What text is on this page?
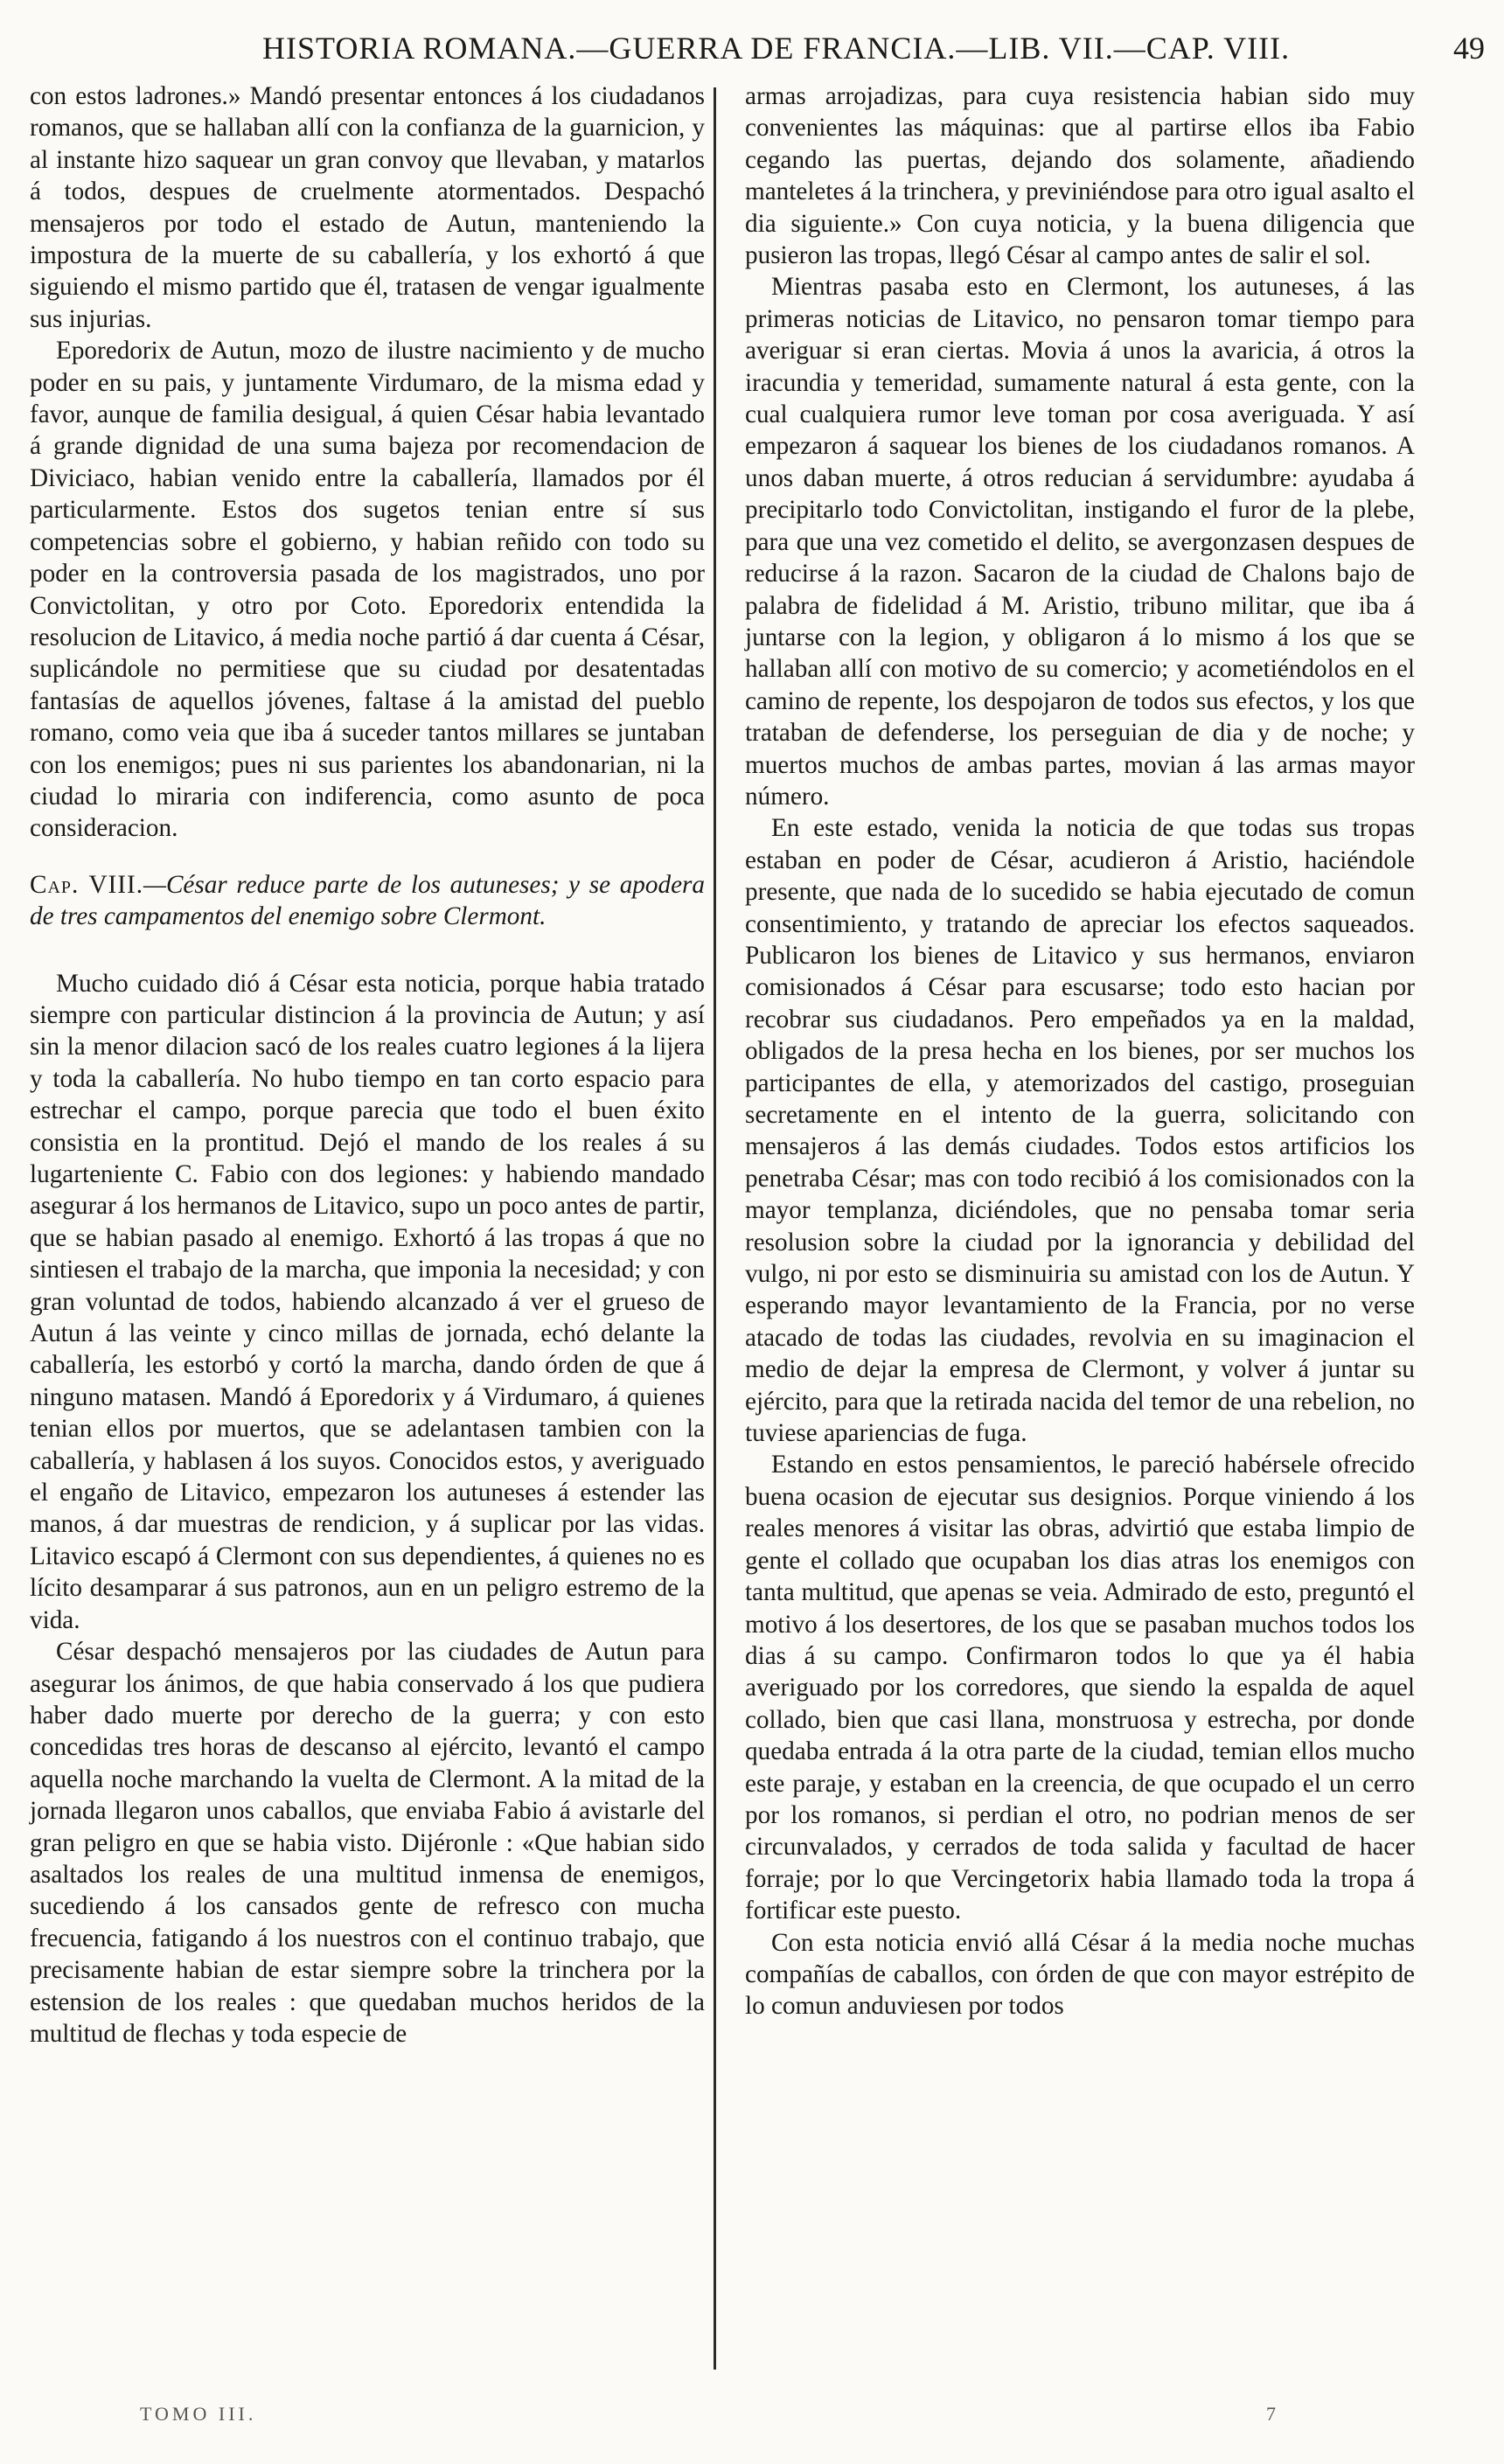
HISTORIA ROMANA.—GUERRA DE FRANCIA.—LIB. VII.—CAP. VIII.	49

con estos ladrones.» Mandó presentar entonces á los ciudadanos romanos, que se hallaban allí con la confianza de la guarnicion, y al instante hizo saquear un gran convoy que llevaban, y matarlos á todos, despues de cruelmente atormentados. Despachó mensajeros por todo el estado de Autun, manteniendo la impostura de la muerte de su caballería, y los exhortó á que siguiendo el mismo partido que él, tratasen de vengar igualmente sus injurias.

Eporedorix de Autun, mozo de ilustre nacimiento y de mucho poder en su pais, y juntamente Virdumaro, de la misma edad y favor, aunque de familia desigual, á quien César habia levantado á grande dignidad de una suma bajeza por recomendacion de Diviciaco, habian venido entre la caballería, llamados por él particularmente. Estos dos sugetos tenian entre sí sus competencias sobre el gobierno, y habian reñido con todo su poder en la controversia pasada de los magistrados, uno por Convictolitan, y otro por Coto. Eporedorix entendida la resolucion de Litavico, á media noche partió á dar cuenta á César, suplicándole no permitiese que su ciudad por desatentadas fantasías de aquellos jóvenes, faltase á la amistad del pueblo romano, como veia que iba á suceder tantos millares se juntaban con los enemigos; pues ni sus parientes los abandonarian, ni la ciudad lo miraria con indiferencia, como asunto de poca consideracion.

Cap. VIII.—César reduce parte de los autuneses; y se apodera de tres campamentos del enemigo sobre Clermont.

Mucho cuidado dió á César esta noticia, porque habia tratado siempre con particular distincion á la provincia de Autun; y así sin la menor dilacion sacó de los reales cuatro legiones á la lijera y toda la caballería. No hubo tiempo en tan corto espacio para estrechar el campo, porque parecia que todo el buen éxito consistia en la prontitud. Dejó el mando de los reales á su lugarteniente C. Fabio con dos legiones: y habiendo mandado asegurar á los hermanos de Litavico, supo un poco antes de partir, que se habian pasado al enemigo. Exhortó á las tropas á que no sintiesen el trabajo de la marcha, que imponia la necesidad; y con gran voluntad de todos, habiendo alcanzado á ver el grueso de Autun á las veinte y cinco millas de jornada, echó delante la caballería, les estorbó y cortó la marcha, dando órden de que á ninguno matasen. Mandó á Eporedorix y á Virdumaro, á quienes tenian ellos por muertos, que se adelantasen tambien con la caballería, y hablasen á los suyos. Conocidos estos, y averiguado el engaño de Litavico, empezaron los autuneses á estender las manos, á dar muestras de rendicion, y á suplicar por las vidas. Litavico escapó á Clermont con sus dependientes, á quienes no es lícito desamparar á sus patronos, aun en un peligro estremo de la vida.

César despachó mensajeros por las ciudades de Autun para asegurar los ánimos, de que habia conservado á los que pudiera haber dado muerte por derecho de la guerra; y con esto concedidas tres horas de descanso al ejército, levantó el campo aquella noche marchando la vuelta de Clermont. A la mitad de la jornada llegaron unos caballos, que enviaba Fabio á avistarle del gran peligro en que se habia visto. Dijéronle : «Que habian sido asaltados los reales de una multitud inmensa de enemigos, sucediendo á los cansados gente de refresco con mucha frecuencia, fatigando á los nuestros con el continuo trabajo, que precisamente habian de estar siempre sobre la trinchera por la estension de los reales : que quedaban muchos heridos de la multitud de flechas y toda especie de

armas arrojadizas, para cuya resistencia habian sido muy convenientes las máquinas: que al partirse ellos iba Fabio cegando las puertas, dejando dos solamente, añadiendo manteletes á la trinchera, y previniéndose para otro igual asalto el dia siguiente.» Con cuya noticia, y la buena diligencia que pusieron las tropas, llegó César al campo antes de salir el sol.

Mientras pasaba esto en Clermont, los autuneses, á las primeras noticias de Litavico, no pensaron tomar tiempo para averiguar si eran ciertas. Movia á unos la avaricia, á otros la iracundia y temeridad, sumamente natural á esta gente, con la cual cualquiera rumor leve toman por cosa averiguada. Y así empezaron á saquear los bienes de los ciudadanos romanos. A unos daban muerte, á otros reducian á servidumbre: ayudaba á precipitarlo todo Convictolitan, instigando el furor de la plebe, para que una vez cometido el delito, se avergonzasen despues de reducirse á la razon. Sacaron de la ciudad de Chalons bajo de palabra de fidelidad á M. Aristio, tribuno militar, que iba á juntarse con la legion, y obligaron á lo mismo á los que se hallaban allí con motivo de su comercio; y acometiéndolos en el camino de repente, los despojaron de todos sus efectos, y los que trataban de defenderse, los perseguian de dia y de noche; y muertos muchos de ambas partes, movian á las armas mayor número.

En este estado, venida la noticia de que todas sus tropas estaban en poder de César, acudieron á Aristio, haciéndole presente, que nada de lo sucedido se habia ejecutado de comun consentimiento, y tratando de apreciar los efectos saqueados. Publicaron los bienes de Litavico y sus hermanos, enviaron comisionados á César para escusarse; todo esto hacian por recobrar sus ciudadanos. Pero empeñados ya en la maldad, obligados de la presa hecha en los bienes, por ser muchos los participantes de ella, y atemorizados del castigo, proseguian secretamente en el intento de la guerra, solicitando con mensajeros á las demás ciudades. Todos estos artificios los penetraba César; mas con todo recibió á los comisionados con la mayor templanza, diciéndoles, que no pensaba tomar seria resolusion sobre la ciudad por la ignorancia y debilidad del vulgo, ni por esto se disminuiria su amistad con los de Autun. Y esperando mayor levantamiento de la Francia, por no verse atacado de todas las ciudades, revolvia en su imaginacion el medio de dejar la empresa de Clermont, y volver á juntar su ejército, para que la retirada nacida del temor de una rebelion, no tuviese apariencias de fuga.

Estando en estos pensamientos, le pareció habérsele ofrecido buena ocasion de ejecutar sus designios. Porque viniendo á los reales menores á visitar las obras, advirtió que estaba limpio de gente el collado que ocupaban los dias atras los enemigos con tanta multitud, que apenas se veia. Admirado de esto, preguntó el motivo á los desertores, de los que se pasaban muchos todos los dias á su campo. Confirmaron todos lo que ya él habia averiguado por los corredores, que siendo la espalda de aquel collado, bien que casi llana, monstruosa y estrecha, por donde quedaba entrada á la otra parte de la ciudad, temian ellos mucho este paraje, y estaban en la creencia, de que ocupado el un cerro por los romanos, si perdian el otro, no podrian menos de ser circunvalados, y cerrados de toda salida y facultad de hacer forraje; por lo que Vercingetorix habia llamado toda la tropa á fortificar este puesto.

Con esta noticia envió allá César á la media noche muchas compañías de caballos, con órden de que con mayor estrépito de lo comun anduviesen por todos

TOMO III.	7
